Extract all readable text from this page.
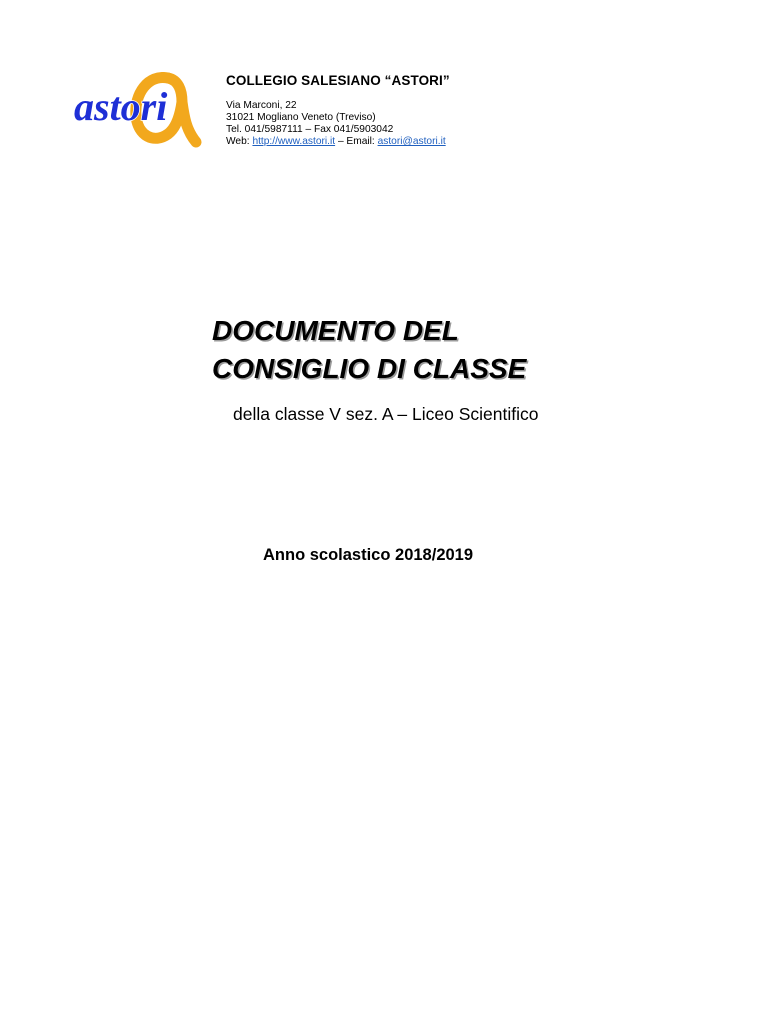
astori
COLLEGIO SALESIANO “ASTORI”
Via Marconi, 22
31021 Mogliano Veneto (Treviso)
Tel. 041/5987111 – Fax 041/5903042
Web: http://www.astori.it – Email: astori@astori.it
DOCUMENTO DEL
CONSIGLIO DI CLASSE
della classe V sez. A – Liceo Scientifico
Anno scolastico 2018/2019
